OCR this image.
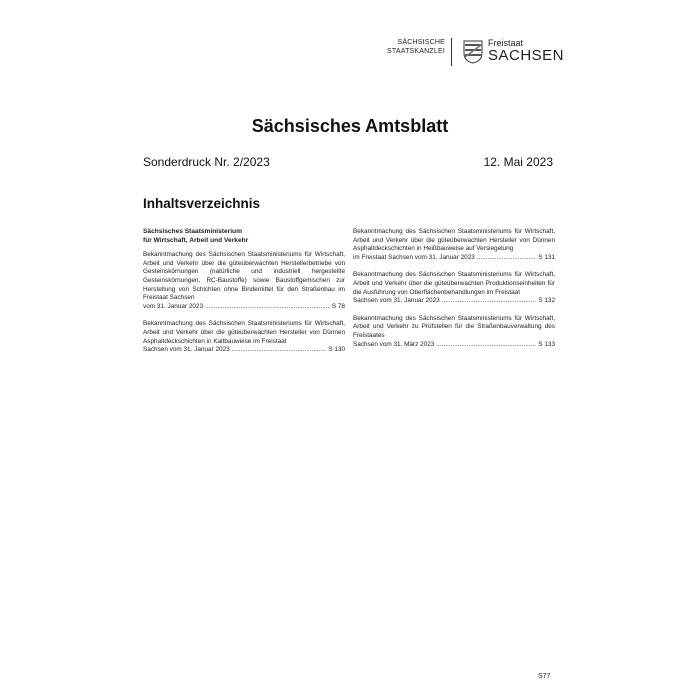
SÄCHSISCHE
STAATSKANZLEI
Freistaat
SACHSEN
Sächsisches Amtsblatt
Sonderdruck Nr. 2/2023	12. Mai 2023
Inhaltsverzeichnis
Sächsisches Staatsministerium
für Wirtschaft, Arbeit und Verkehr
Bekanntmachung des Sächsischen Staatsministeriums für Wirtschaft, Arbeit und Verkehr über die güteüberwachten Herstellerbetriebe von Gesteinskörnungen (natürliche und industriell hergestellte Gesteinskörnungen, RC-Baustoffe) sowie Baustoffgemischen zur Herstellung von Schichten ohne Bindemittel für den Straßenbau im Freistaat Sachsen
vom 31. Januar 2023 .....	S 78
Bekanntmachung des Sächsischen Staatsministeriums für Wirtschaft, Arbeit und Verkehr über die güteüberwachten Hersteller von Dünnen Asphaltdeckschichten in Kaltbauweise im Freistaat
Sachsen vom 31. Januar 2023 .....	S 130
Bekanntmachung des Sächsischen Staatsministeriums für Wirtschaft, Arbeit und Verkehr über die güteüberwachten Hersteller von Dünnen Asphaltdeckschichten in Heißbauweise auf Versiegelung
im Freistaat Sachsen vom 31. Januar 2023 .....	S 131
Bekanntmachung des Sächsischen Staatsministeriums für Wirtschaft, Arbeit und Verkehr über die güteüberwachten Produktionseinheiten für die Ausführung von Oberflächenbehandlungen im Freistaat
Sachsen vom 31. Januar 2023 .....	S 132
Bekanntmachung des Sächsischen Staatsministeriums für Wirtschaft, Arbeit und Verkehr zu Prüfstellen für die Straßenbauverwaltung des Freistaates
Sachsen vom 31. März 2023 .....	S 133
S77
